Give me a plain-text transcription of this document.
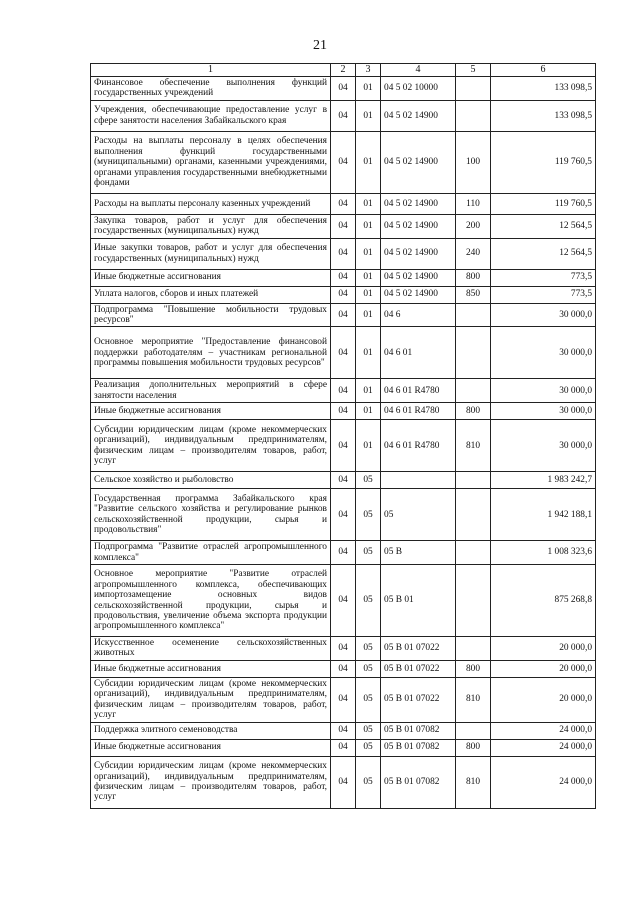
21
1	2	3	4	5	6
Финансовое обеспечение выполнения функций государственных учреждений	04	01	04 5 02 10000		133 098,5
Учреждения, обеспечивающие предоставление услуг в сфере занятости населения Забайкальского края	04	01	04 5 02 14900		133 098,5
Расходы на выплаты персоналу в целях обеспечения выполнения функций государственными (муниципальными) органами, казенными учреждениями, органами управления государственными внебюджетными фондами	04	01	04 5 02 14900	100	119 760,5
Расходы на выплаты персоналу казенных учреждений	04	01	04 5 02 14900	110	119 760,5
Закупка товаров, работ и услуг для обеспечения государственных (муниципальных) нужд	04	01	04 5 02 14900	200	12 564,5
Иные закупки товаров, работ и услуг для обеспечения государственных (муниципальных) нужд	04	01	04 5 02 14900	240	12 564,5
Иные бюджетные ассигнования	04	01	04 5 02 14900	800	773,5
Уплата налогов, сборов и иных платежей	04	01	04 5 02 14900	850	773,5
Подпрограмма "Повышение мобильности трудовых ресурсов"	04	01	04 6		30 000,0
Основное мероприятие "Предоставление финансовой поддержки работодателям – участникам региональной программы повышения мобильности трудовых ресурсов"	04	01	04 6 01		30 000,0
Реализация дополнительных мероприятий в сфере занятости населения	04	01	04 6 01 R4780		30 000,0
Иные бюджетные ассигнования	04	01	04 6 01 R4780	800	30 000,0
Субсидии юридическим лицам (кроме некоммерческих организаций), индивидуальным предпринимателям, физическим лицам – производителям товаров, работ, услуг	04	01	04 6 01 R4780	810	30 000,0
Сельское хозяйство и рыболовство	04	05			1 983 242,7
Государственная программа Забайкальского края "Развитие сельского хозяйства и регулирование рынков сельскохозяйственной продукции, сырья и продовольствия"	04	05	05		1 942 188,1
Подпрограмма "Развитие отраслей агропромышленного комплекса"	04	05	05 В		1 008 323,6
Основное мероприятие "Развитие отраслей агропромышленного комплекса, обеспечивающих импортозамещение основных видов сельскохозяйственной продукции, сырья и продовольствия, увеличение объема экспорта продукции агропромышленного комплекса"	04	05	05 В 01		875 268,8
Искусственное осеменение сельскохозяйственных животных	04	05	05 В 01 07022		20 000,0
Иные бюджетные ассигнования	04	05	05 В 01 07022	800	20 000,0
Субсидии юридическим лицам (кроме некоммерческих организаций), индивидуальным предпринимателям, физическим лицам – производителям товаров, работ, услуг	04	05	05 В 01 07022	810	20 000,0
Поддержка элитного семеноводства	04	05	05 В 01 07082		24 000,0
Иные бюджетные ассигнования	04	05	05 В 01 07082	800	24 000,0
Субсидии юридическим лицам (кроме некоммерческих организаций), индивидуальным предпринимателям, физическим лицам – производителям товаров, работ, услуг	04	05	05 В 01 07082	810	24 000,0
